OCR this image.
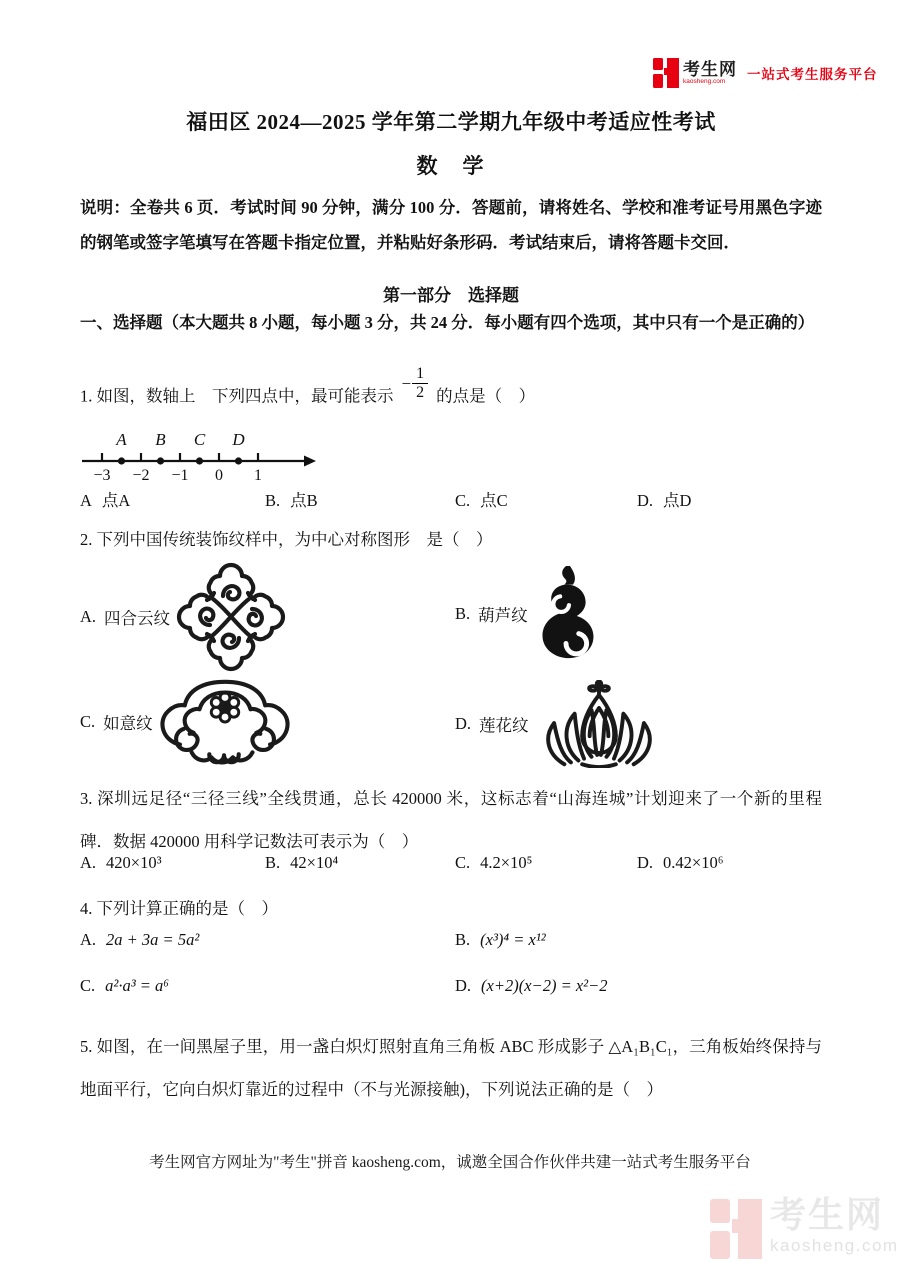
考生网
kaosheng.com	一站式考生服务平台
福田区 2024—2025 学年第二学期九年级中考适应性考试
数　学
说明：全卷共 6 页．考试时间 90 分钟，满分 100 分．答题前，请将姓名、学校和准考证号用黑色字迹的钢笔或签字笔填写在答题卡指定位置，并粘贴好条形码．考试结束后，请将答题卡交回．
第一部分　选择题
一、选择题（本大题共 8 小题，每小题 3 分，共 24 分．每小题有四个选项，其中只有一个是正确的）
1. 如图，数轴上　下列四点中，最可能表示
− $\frac{1}{2}$ 的点是（　）
A B C D
−3 −2 −1 0 1
A 点A	B. 点B	C. 点C	D. 点D
2. 下列中国传统装饰纹样中，为中心对称图形　是（　）
A. 四合云纹	B. 葫芦纹
C. 如意纹	D. 莲花纹
3. 深圳远足径“三径三线”全线贯通，总长 420000 米，这标志着“山海连城”计划迎来了一个新的里程碑．数据 420000 用科学记数法可表示为（　）
A. 420×10³	B. 42×10⁴	C. 4.2×10⁵	D. 0.42×10⁶
4. 下列计算正确的是（　）
A. 2a + 3a = 5a²	B. (x³)⁴ = x¹²
C. a²·a³ = a⁶	D. (x+2)(x−2) = x²−2
5. 如图，在一间黑屋子里，用一盏白炽灯照射直角三角板 ABC 形成影子 △A₁B₁C₁，三角板始终保持与地面平行，它向白炽灯靠近的过程中（不与光源接触)，下列说法正确的是（　）
考生网官方网址为"考生"拼音 kaosheng.com，诚邀全国合作伙伴共建一站式考生服务平台
考生网
kaosheng.com
